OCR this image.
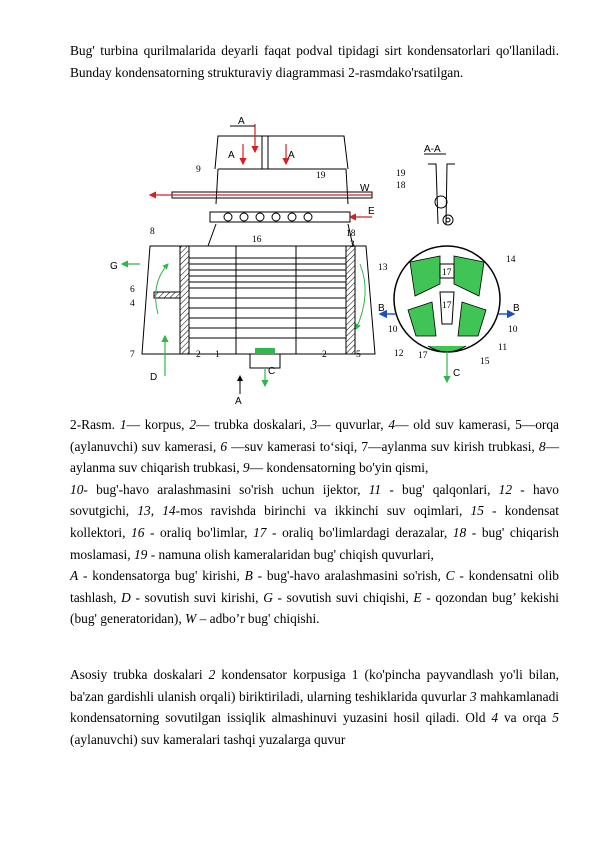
Bug' turbina qurilmalarida deyarli faqat podval tipidagi sirt kondensatorlari qo'llaniladi. Bunday kondensatorning strukturaviy diagrammasi 2-rasmdako'rsatilgan.

A
A	A
A
W
E
G
D
C
1
2	2
3
4
5
6
7
8
9
16
18
19
A-A
B	B
C
19
18
13
14
17
17
17
10	10
12
11
15
2-Rasm. 1— korpus, 2— trubka doskalari, 3— quvurlar, 4— old suv kamerasi, 5—orqa (aylanuvchi) suv kamerasi, 6 —suv kamerasi to‘siqi, 7—aylanma suv kirish trubkasi, 8— aylanma suv chiqarish trubkasi, 9— kondensatorning bo'yin qismi,
10- bug'-havo aralashmasini so'rish uchun ijektor, 11 - bug' qalqonlari, 12 - havo sovutgichi, 13, 14-mos ravishda birinchi va ikkinchi suv oqimlari, 15 - kondensat kollektori, 16 - oraliq bo'limlar, 17 - oraliq bo'limlardagi derazalar, 18 - bug' chiqarish moslamasi, 19 - namuna olish kameralaridan bug' chiqish quvurlari,
A - kondensatorga bug' kirishi, B - bug'-havo aralashmasini so'rish, C - kondensatni olib tashlash, D - sovutish suvi kirishi, G - sovutish suvi chiqishi, E - qozondan bug’ kekishi (bug' generatoridan), W – adbo’r bug' chiqishi.

Asosiy trubka doskalari 2 kondensator korpusiga 1 (ko'pincha payvandlash yo'li bilan, ba'zan gardishli ulanish orqali) biriktiriladi, ularning teshiklarida quvurlar 3 mahkamlanadi kondensatorning sovutilgan issiqlik almashinuvi yuzasini hosil qiladi. Old 4 va orqa 5 (aylanuvchi) suv kameralari tashqi yuzalarga quvur
